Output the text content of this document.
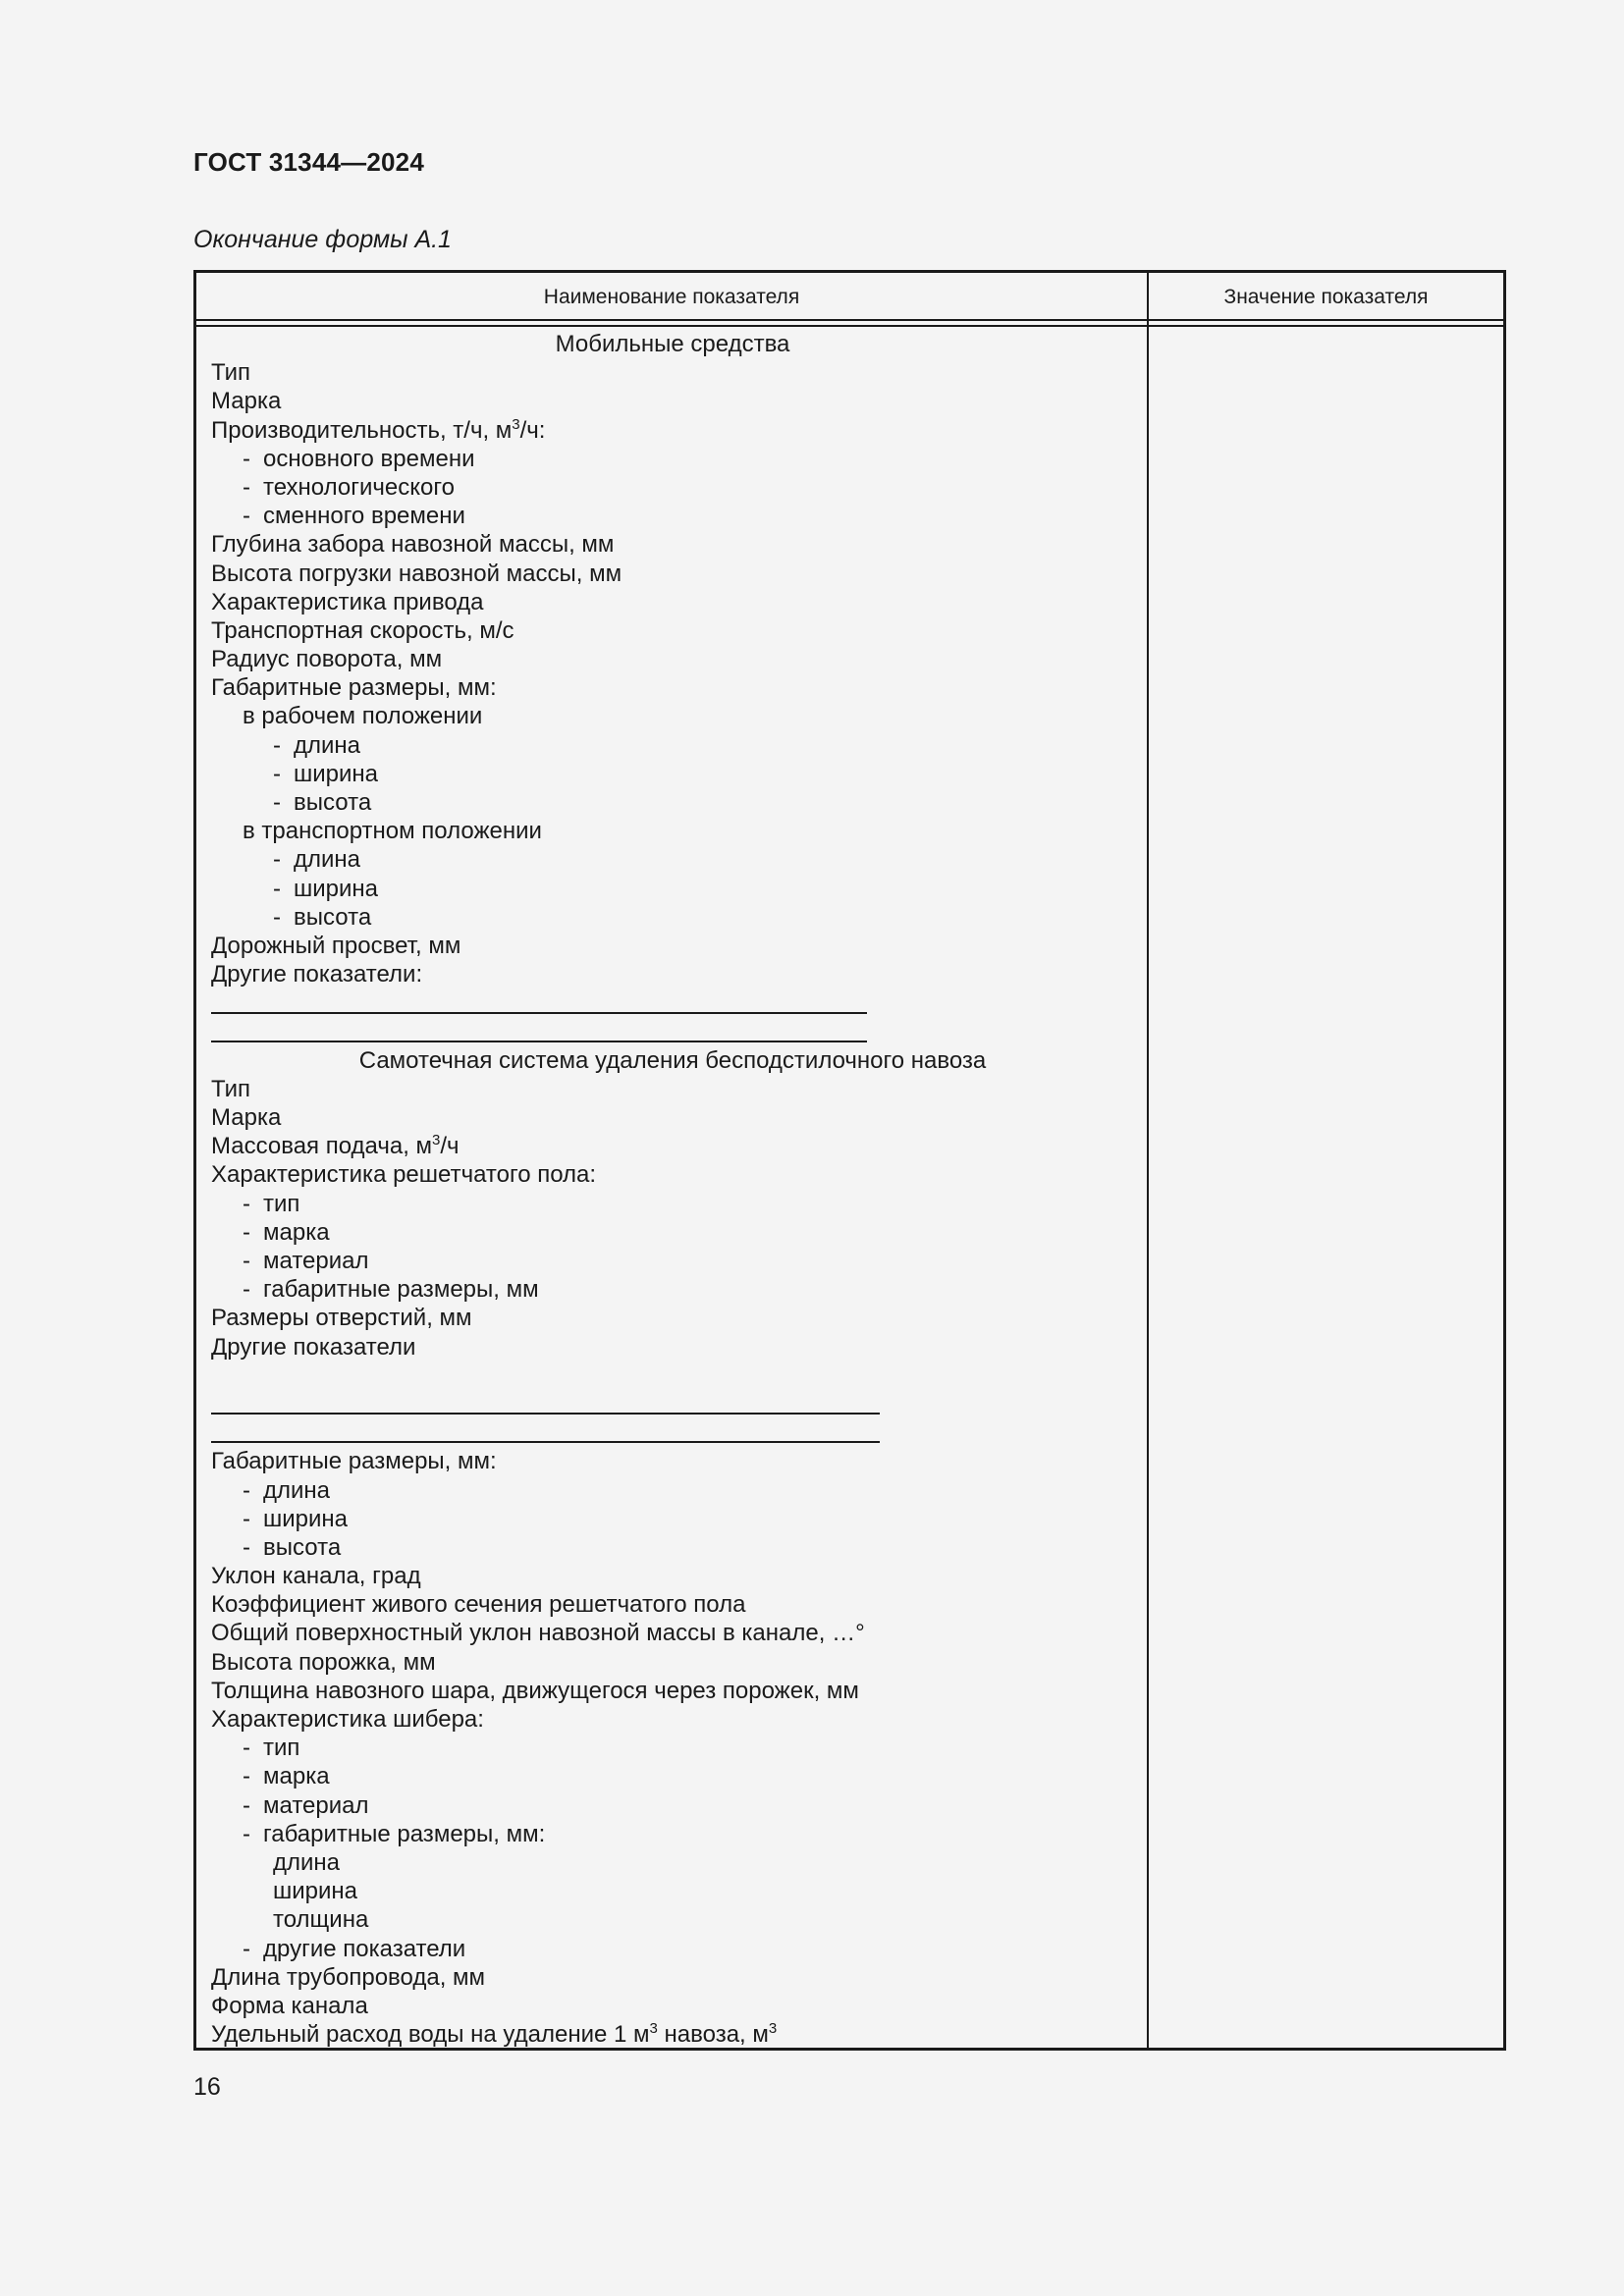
ГОСТ 31344—2024
Окончание формы А.1
Наименование показателя	Значение показателя
Мобильные средства
Тип
Марка
Производительность, т/ч, $м^3/ч$:
- основного времени
- технологического
- сменного времени
Глубина забора навозной массы, мм
Высота погрузки навозной массы, мм
Характеристика привода
Транспортная скорость, м/с
Радиус поворота, мм
Габаритные размеры, мм:
в рабочем положении
- длина
- ширина
- высота
в транспортном положении
- длина
- ширина
- высота
Дорожный просвет, мм
Другие показатели:
Самотечная система удаления бесподстилочного навоза
Тип
Марка
Массовая подача, $м^3/ч$
Характеристика решетчатого пола:
- тип
- марка
- материал
- габаритные размеры, мм
Размеры отверстий, мм
Другие показатели
Габаритные размеры, мм:
- длина
- ширина
- высота
Уклон канала, град
Коэффициент живого сечения решетчатого пола
Общий поверхностный уклон навозной массы в канале, …°
Высота порожка, мм
Толщина навозного шара, движущегося через порожек, мм
Характеристика шибера:
- тип
- марка
- материал
- габаритные размеры, мм:
длина
ширина
толщина
- другие показатели
Длина трубопровода, мм
Форма канала
Удельный расход воды на удаление 1 $м^3$ навоза, $м^3$
16
